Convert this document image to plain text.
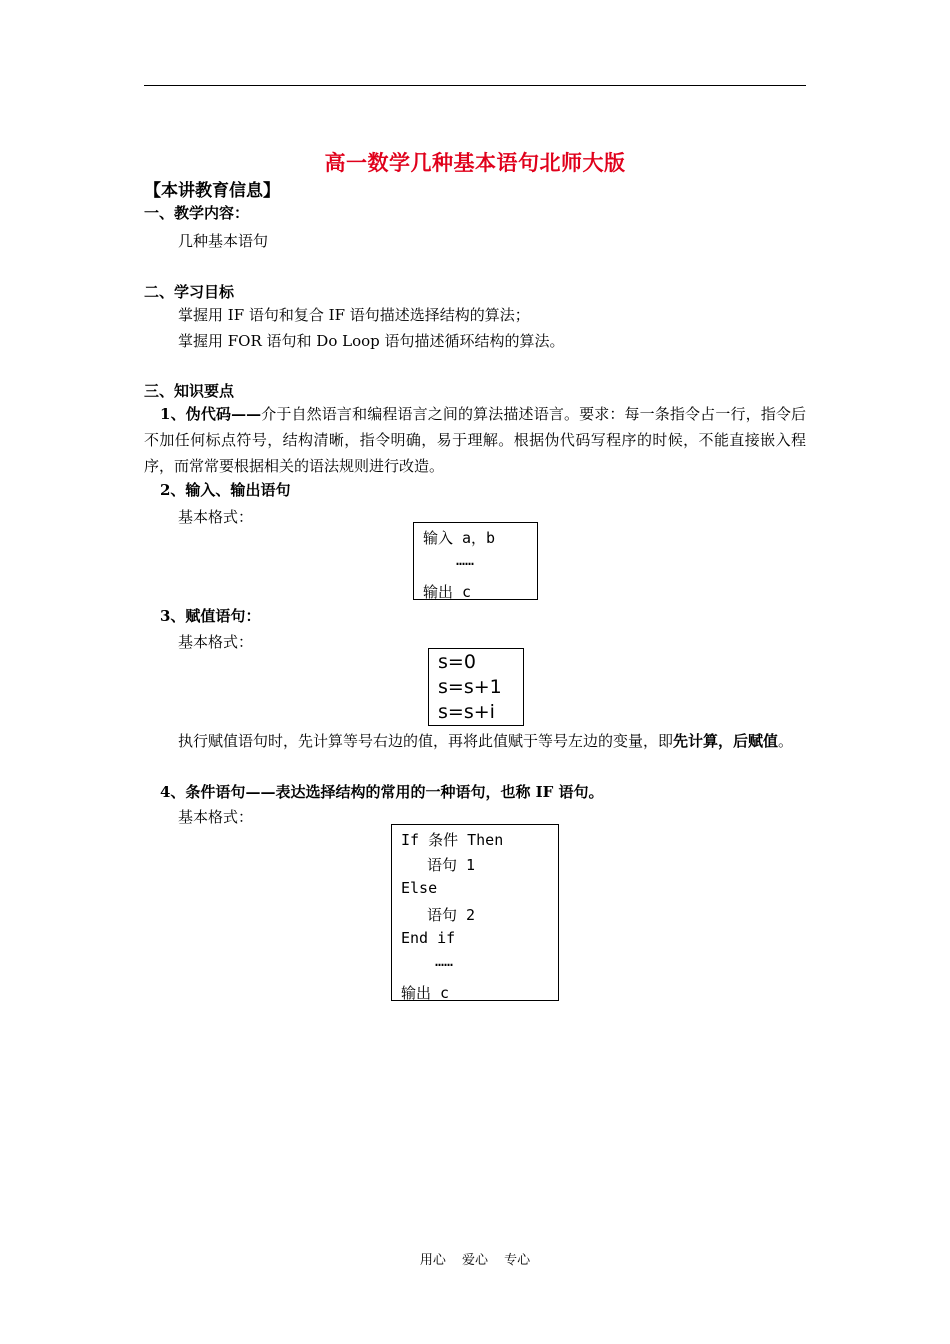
高一数学几种基本语句北师大版
【本讲教育信息】
一、教学内容：
几种基本语句
二、学习目标
掌握用 IF 语句和复合 IF 语句描述选择结构的算法；
掌握用 FOR 语句和 Do Loop 语句描述循环结构的算法。
三、知识要点
1、伪代码——介于自然语言和编程语言之间的算法描述语言。要求：每一条指令占一行，指令后不加任何标点符号，结构清晰，指令明确，易于理解。根据伪代码写程序的时候，不能直接嵌入程序，而常常要根据相关的语法规则进行改造。
2、输入、输出语句
基本格式：
输入 a，b
……
输出 c
3、赋值语句：
基本格式：
s=0
s=s+1
s=s+i
执行赋值语句时，先计算等号右边的值，再将此值赋于等号左边的变量，即先计算，后赋值。
4、条件语句——表达选择结构的常用的一种语句，也称 IF 语句。
基本格式：
If 条件 Then
语句 1
Else
语句 2
End if
……
输出 c
用心 爱心 专心
